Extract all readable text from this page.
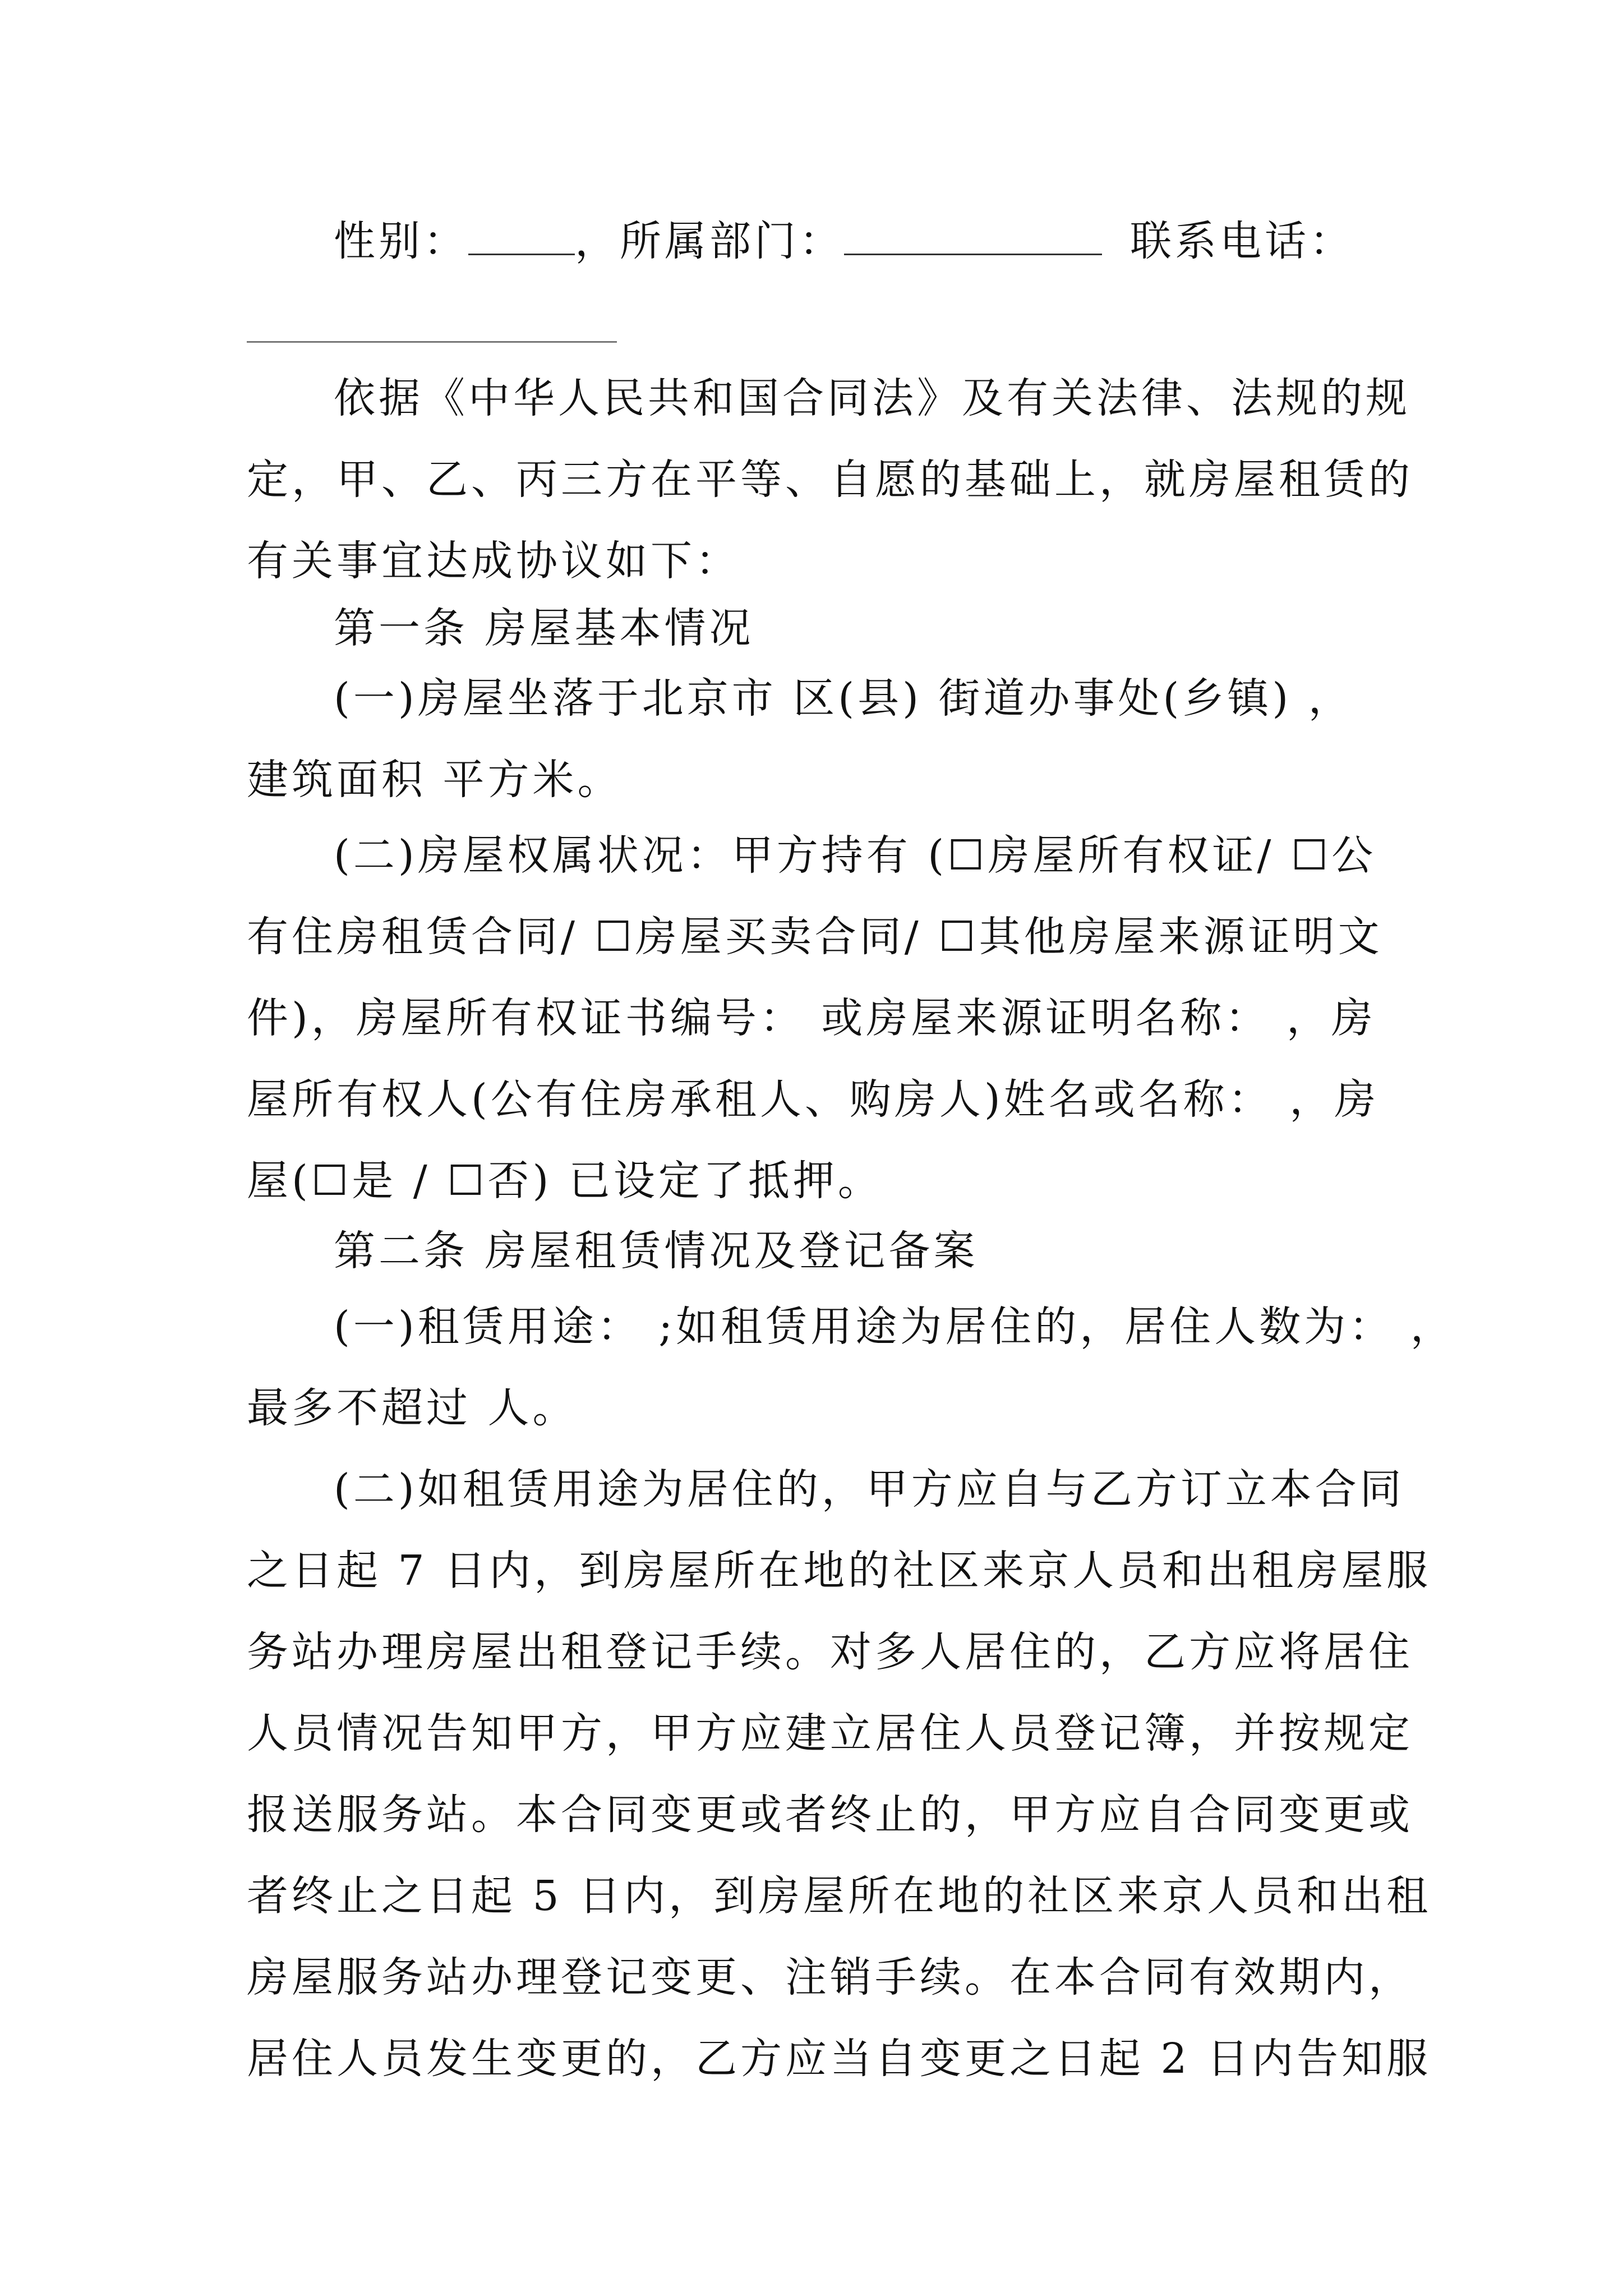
性别：	，所属部门：	联系电话：
依据《中华人民共和国合同法》及有关法律、法规的规
定，甲、乙、丙三方在平等、自愿的基础上，就房屋租赁的
有关事宜达成协议如下：
第一条 房屋基本情况
(一)房屋坐落于北京市 区(县) 街道办事处(乡镇) ，
建筑面积 平方米。
(二)房屋权属状况：甲方持有 (☐房屋所有权证/ ☐公
有住房租赁合同/ ☐房屋买卖合同/ ☐其他房屋来源证明文
件)，房屋所有权证书编号： 或房屋来源证明名称： ，房
屋所有权人(公有住房承租人、购房人)姓名或名称： ，房
屋(☐是 / ☐否) 已设定了抵押。
第二条 房屋租赁情况及登记备案
(一)租赁用途： ;如租赁用途为居住的，居住人数为： ，
最多不超过 人。
(二)如租赁用途为居住的，甲方应自与乙方订立本合同
之日起 7 日内，到房屋所在地的社区来京人员和出租房屋服
务站办理房屋出租登记手续。对多人居住的，乙方应将居住
人员情况告知甲方，甲方应建立居住人员登记簿，并按规定
报送服务站。本合同变更或者终止的，甲方应自合同变更或
者终止之日起 5 日内，到房屋所在地的社区来京人员和出租
房屋服务站办理登记变更、注销手续。在本合同有效期内，
居住人员发生变更的，乙方应当自变更之日起 2 日内告知服
